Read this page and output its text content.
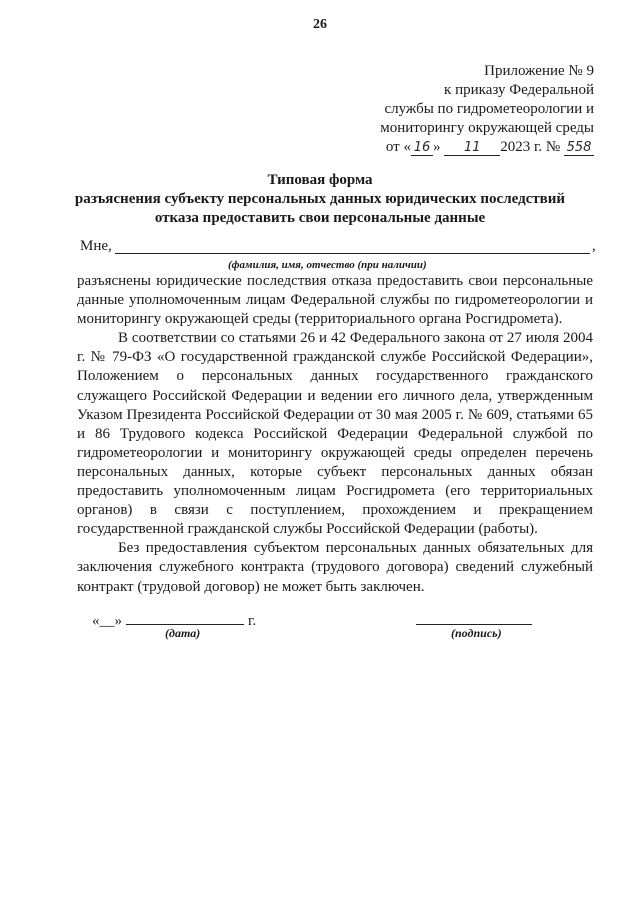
26
Приложение № 9
к приказу Федеральной
службы по гидрометеорологии и
мониторингу окружающей среды
от « 16 » 11 2023 г. № 558
Типовая форма
разъяснения субъекту персональных данных юридических последствий
отказа предоставить свои персональные данные
Мне,	,
(фамилия, имя, отчество (при наличии)

разъяснены юридические последствия отказа предоставить свои персональные данные уполномоченным лицам Федеральной службы по гидрометеорологии и мониторингу окружающей среды (территориального органа Росгидромета).

В соответствии со статьями 26 и 42 Федерального закона от 27 июля 2004 г. № 79-ФЗ «О государственной гражданской службе Российской Федерации», Положением о персональных данных государственного гражданского служащего Российской Федерации и ведении его личного дела, утвержденным Указом Президента Российской Федерации от 30 мая 2005 г. № 609, статьями 65 и 86 Трудового кодекса Российской Федерации Федеральной службой по гидрометеорологии и мониторингу окружающей среды определен перечень персональных данных, которые субъект персональных данных обязан предоставить уполномоченным лицам Росгидромета (его территориальных органов) в связи с поступлением, прохождением и прекращением государственной гражданской службы Российской Федерации (работы).

Без предоставления субъектом персональных данных обязательных для заключения служебного контракта (трудового договора) сведений служебный контракт (трудовой договор) не может быть заключен.

«__»	г.
(дата)	(подпись)
